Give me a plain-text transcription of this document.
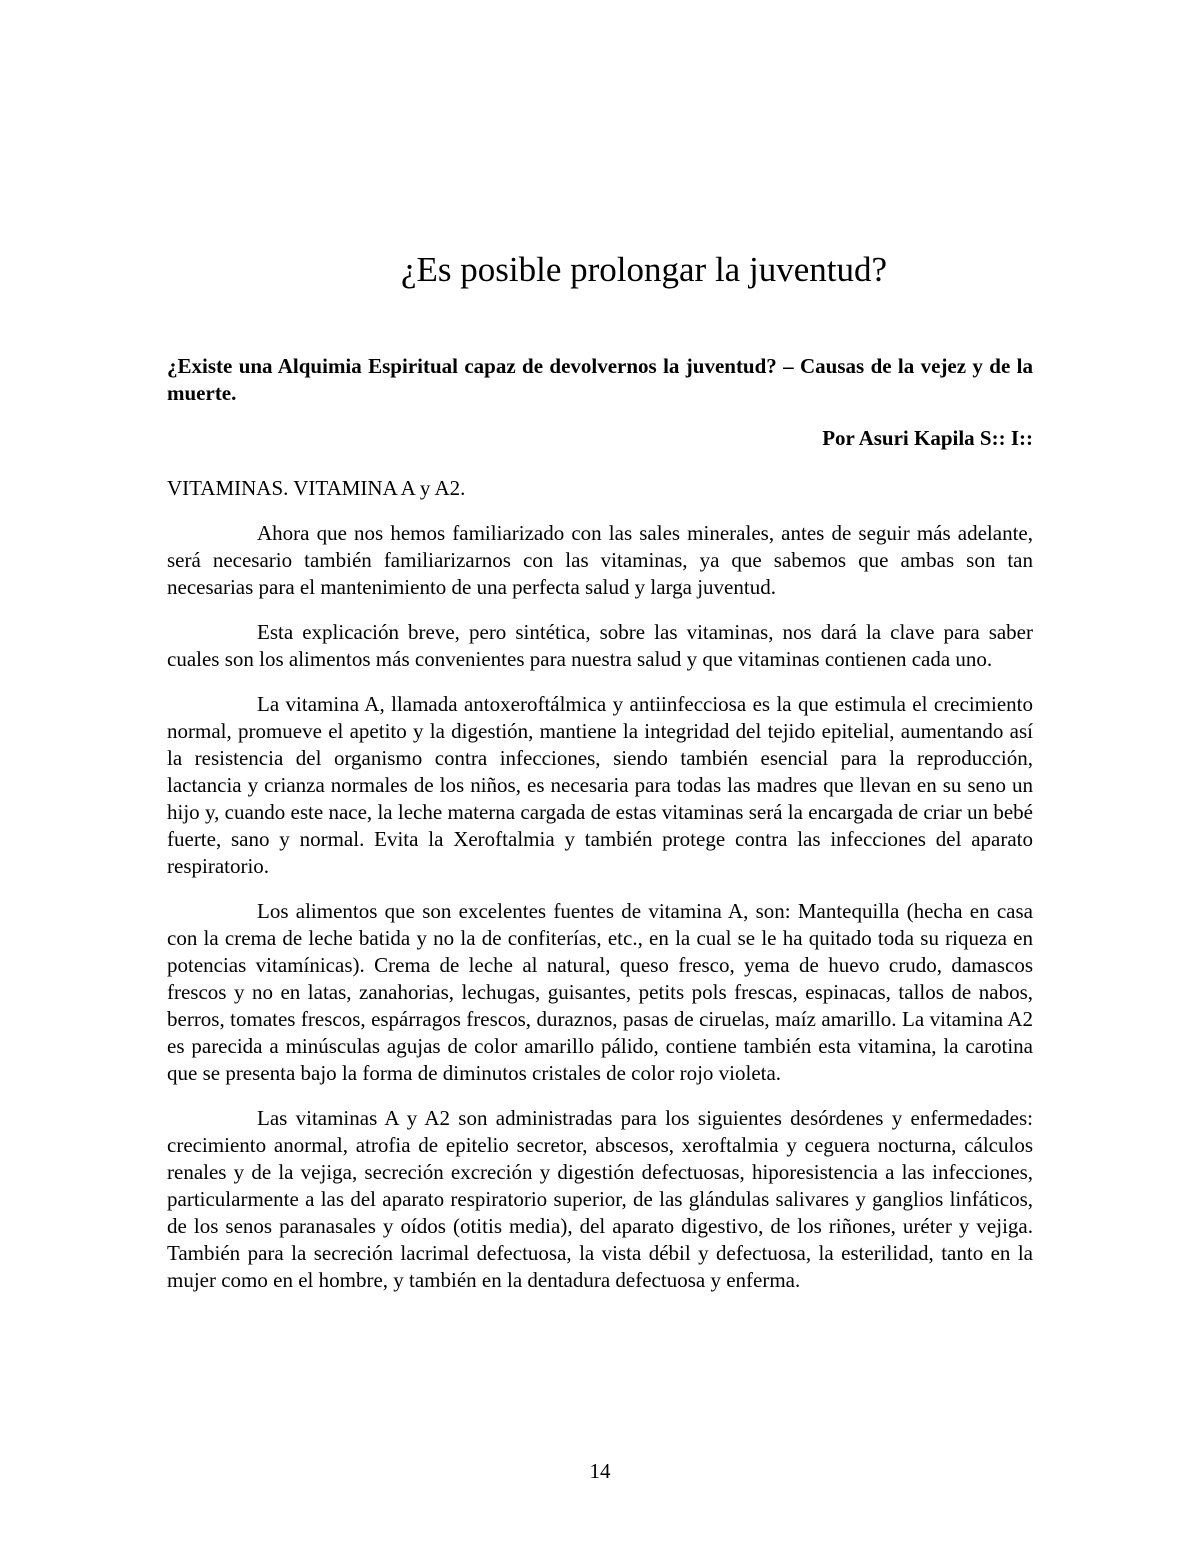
¿Es posible prolongar la juventud?

¿Existe una Alquimia Espiritual capaz de devolvernos la juventud? – Causas de la vejez y de la muerte.

Por Asuri Kapila S:: I::

VITAMINAS. VITAMINA A y A2.

Ahora que nos hemos familiarizado con las sales minerales, antes de seguir más adelante, será necesario también familiarizarnos con las vitaminas, ya que sabemos que ambas son tan necesarias para el mantenimiento de una perfecta salud y larga juventud.

Esta explicación breve, pero sintética, sobre las vitaminas, nos dará la clave para saber cuales son los alimentos más convenientes para nuestra salud y que vitaminas contienen cada uno.

La vitamina A, llamada antoxeroftálmica y antiinfecciosa es la que estimula el crecimiento normal, promueve el apetito y la digestión, mantiene la integridad del tejido epitelial, aumentando así la resistencia del organismo contra infecciones, siendo también esencial para la reproducción, lactancia y crianza normales de los niños, es necesaria para todas las madres que llevan en su seno un hijo y, cuando este nace, la leche materna cargada de estas vitaminas será la encargada de criar un bebé fuerte, sano y normal. Evita la Xeroftalmia y también protege contra las infecciones del aparato respiratorio.

Los alimentos que son excelentes fuentes de vitamina A, son: Mantequilla (hecha en casa con la crema de leche batida y no la de confiterías, etc., en la cual se le ha quitado toda su riqueza en potencias vitamínicas). Crema de leche al natural, queso fresco, yema de huevo crudo, damascos frescos y no en latas, zanahorias, lechugas, guisantes, petits pols frescas, espinacas, tallos de nabos, berros, tomates frescos, espárragos frescos, duraznos, pasas de ciruelas, maíz amarillo. La vitamina A2 es parecida a minúsculas agujas de color amarillo pálido, contiene también esta vitamina, la carotina que se presenta bajo la forma de diminutos cristales de color rojo violeta.

Las vitaminas A y A2 son administradas para los siguientes desórdenes y enfermedades: crecimiento anormal, atrofia de epitelio secretor, abscesos, xeroftalmia y ceguera nocturna, cálculos renales y de la vejiga, secreción excreción y digestión defectuosas, hiporesistencia a las infecciones, particularmente a las del aparato respiratorio superior, de las glándulas salivares y ganglios linfáticos, de los senos paranasales y oídos (otitis media), del aparato digestivo, de los riñones, uréter y vejiga. También para la secreción lacrimal defectuosa, la vista débil y defectuosa, la esterilidad, tanto en la mujer como en el hombre, y también en la dentadura defectuosa y enferma.

14
